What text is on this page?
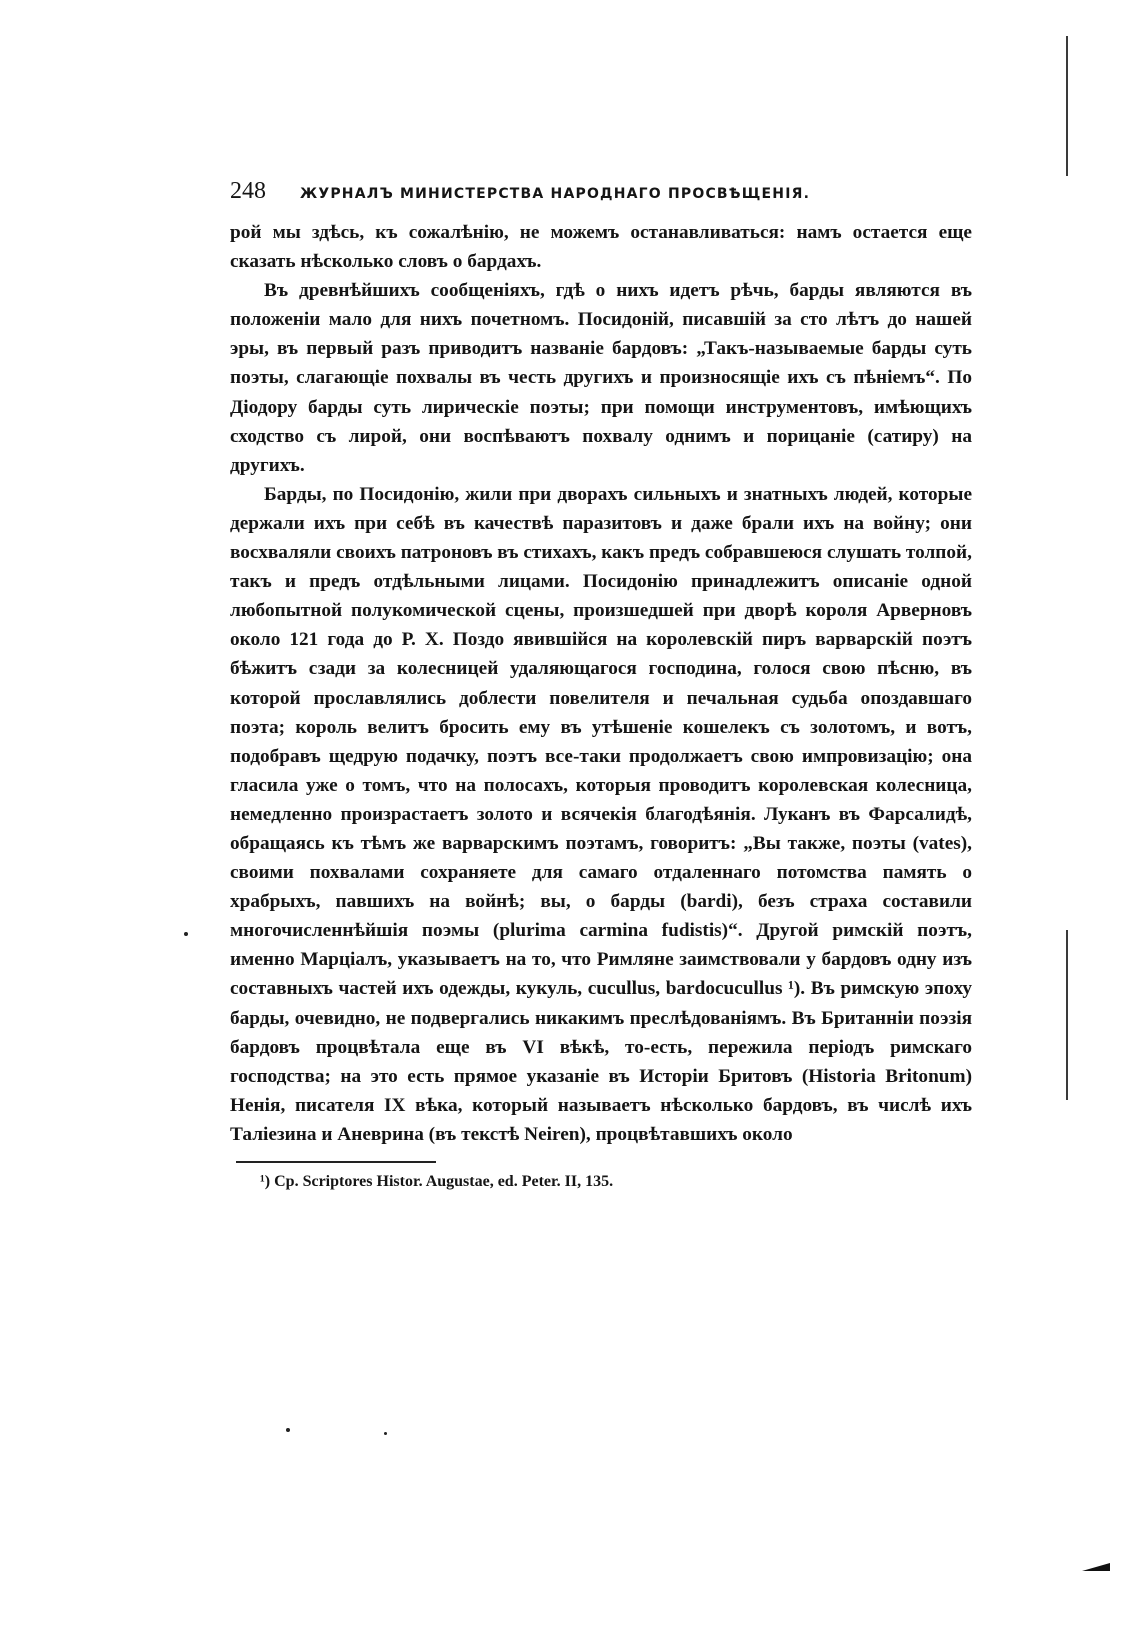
248	ЖУРНАЛЪ МИНИСТЕРСТВА НАРОДНАГО ПРОСВѢЩЕНІЯ.

рой мы здѣсь, къ сожалѣнію, не можемъ останавливаться: намъ остается еще сказать нѣсколько словъ о бардахъ.

Въ древнѣйшихъ сообщеніяхъ, гдѣ о нихъ идетъ рѣчь, барды являются въ положеніи мало для нихъ почетномъ. Посидоній, писавшій за сто лѣтъ до нашей эры, въ первый разъ приводитъ названіе бардовъ: „Такъ-называемые барды суть поэты, слагающіе похвалы въ честь другихъ и произносящіе ихъ съ пѣніемъ“. По Діодору барды суть лирическіе поэты; при помощи инструментовъ, имѣющихъ сходство съ лирой, они воспѣваютъ похвалу однимъ и порицаніе (сатиру) на другихъ.

Барды, по Посидонію, жили при дворахъ сильныхъ и знатныхъ людей, которые держали ихъ при себѣ въ качествѣ паразитовъ и даже брали ихъ на войну; они восхваляли своихъ патроновъ въ стихахъ, какъ предъ собравшеюся слушать толпой, такъ и предъ отдѣльными лицами. Посидонію принадлежитъ описаніе одной любопытной полукомической сцены, произшедшей при дворѣ короля Арверновъ около 121 года до Р. Х. Поздо явившійся на королевскій пиръ варварскій поэтъ бѣжитъ сзади за колесницей удаляющагося господина, голося свою пѣсню, въ которой прославлялись доблести повелителя и печальная судьба опоздавшаго поэта; король велитъ бросить ему въ утѣшеніе кошелекъ съ золотомъ, и вотъ, подобравъ щедрую подачку, поэтъ все-таки продолжаетъ свою импровизацію; она гласила уже о томъ, что на полосахъ, которыя проводитъ королевская колесница, немедленно произрастаетъ золото и всячекія благодѣянія. Луканъ въ Фарсалидѣ, обращаясь къ тѣмъ же варварскимъ поэтамъ, говоритъ: „Вы также, поэты (vates), своими похвалами сохраняете для самаго отдаленнаго потомства память о храбрыхъ, павшихъ на войнѣ; вы, о барды (bardi), безъ страха составили многочисленнѣйшія поэмы (plurima carmina fudistis)“. Другой римскій поэтъ, именно Марціалъ, указываетъ на то, что Римляне заимствовали у бардовъ одну изъ составныхъ частей ихъ одежды, кукуль, cucullus, bardocucullus ¹). Въ римскую эпоху барды, очевидно, не подвергались никакимъ преслѣдованіямъ. Въ Британніи поэзія бардовъ процвѣтала еще въ VI вѣкѣ, то-есть, пережила періодъ римскаго господства; на это есть прямое указаніе въ Исторіи Бритовъ (Historia Britonum) Ненія, писателя IX вѣка, который называетъ нѣсколько бардовъ, въ числѣ ихъ Таліезина и Аневрина (въ текстѣ Neiren), процвѣтавшихъ около

¹) Ср. Scriptores Histor. Augustae, ed. Peter. II, 135.
